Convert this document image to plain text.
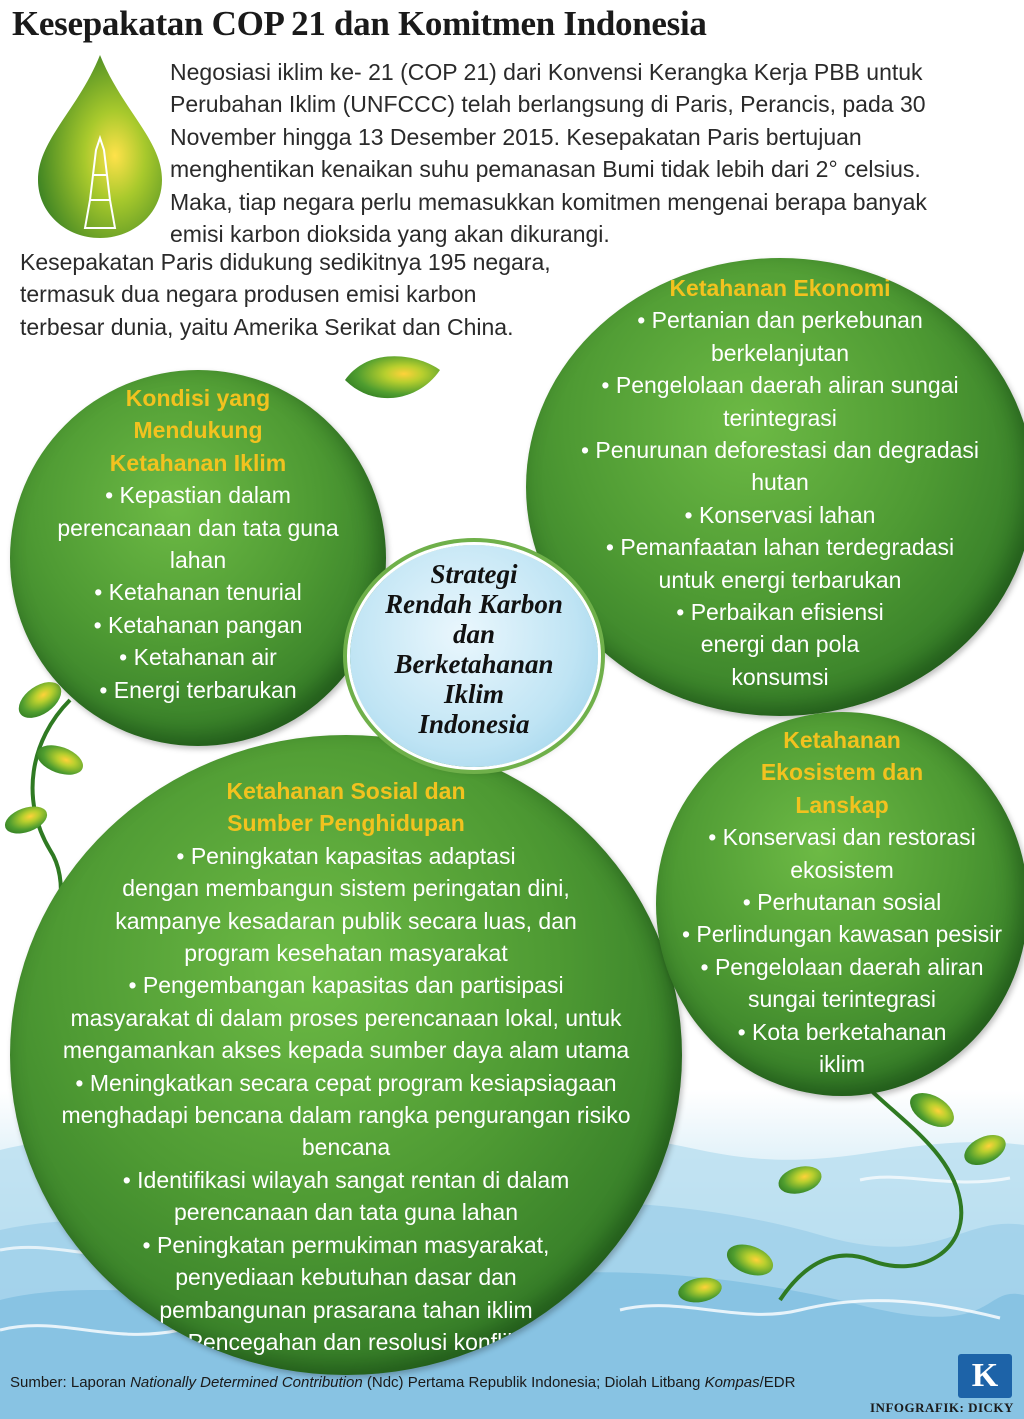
Kesepakatan COP 21 dan Komitmen Indonesia
Negosiasi iklim ke- 21 (COP 21) dari Konvensi Kerangka Kerja PBB untuk
Perubahan Iklim (UNFCCC) telah berlangsung di Paris, Perancis, pada 30
November hingga 13 Desember 2015. Kesepakatan Paris bertujuan
menghentikan kenaikan suhu pemanasan Bumi tidak lebih dari 2° celsius.
Maka, tiap negara perlu memasukkan komitmen mengenai berapa banyak
emisi karbon dioksida yang akan dikurangi.
Kesepakatan Paris didukung sedikitnya 195 negara,
termasuk dua negara produsen emisi karbon
terbesar dunia, yaitu Amerika Serikat dan China.
Ketahanan Sosial dan
Sumber Penghidupan
• Peningkatan kapasitas adaptasi
dengan membangun sistem peringatan dini,
kampanye kesadaran publik secara luas, dan
program kesehatan masyarakat
• Pengembangan kapasitas dan partisipasi
masyarakat di dalam proses perencanaan lokal, untuk
mengamankan akses kepada sumber daya alam utama
• Meningkatkan secara cepat program kesiapsiagaan
menghadapi bencana dalam rangka pengurangan risiko
bencana
• Identifikasi wilayah sangat rentan di dalam
perencanaan dan tata guna lahan
• Peningkatan permukiman masyarakat,
penyediaan kebutuhan dasar dan
pembangunan prasarana tahan iklim
• Pencegahan dan resolusi konflik
Kondisi yang
Mendukung
Ketahanan Iklim
• Kepastian dalam
perencanaan dan tata guna
lahan
• Ketahanan tenurial
• Ketahanan pangan
• Ketahanan air
• Energi terbarukan
Ketahanan Ekonomi
• Pertanian dan perkebunan
berkelanjutan
• Pengelolaan daerah aliran sungai
terintegrasi
• Penurunan deforestasi dan degradasi
hutan
• Konservasi lahan
• Pemanfaatan lahan terdegradasi
untuk energi terbarukan
• Perbaikan efisiensi
energi dan pola
konsumsi
Ketahanan
Ekosistem dan
Lanskap
• Konservasi dan restorasi
ekosistem
• Perhutanan sosial
• Perlindungan kawasan pesisir
• Pengelolaan daerah aliran
sungai terintegrasi
• Kota berketahanan
iklim
Strategi
Rendah Karbon
dan
Berketahanan
Iklim
Indonesia
Sumber: Laporan Nationally Determined Contribution (Ndc) Pertama Republik Indonesia; Diolah Litbang Kompas/EDR	K
INFOGRAFIK: DICKY
